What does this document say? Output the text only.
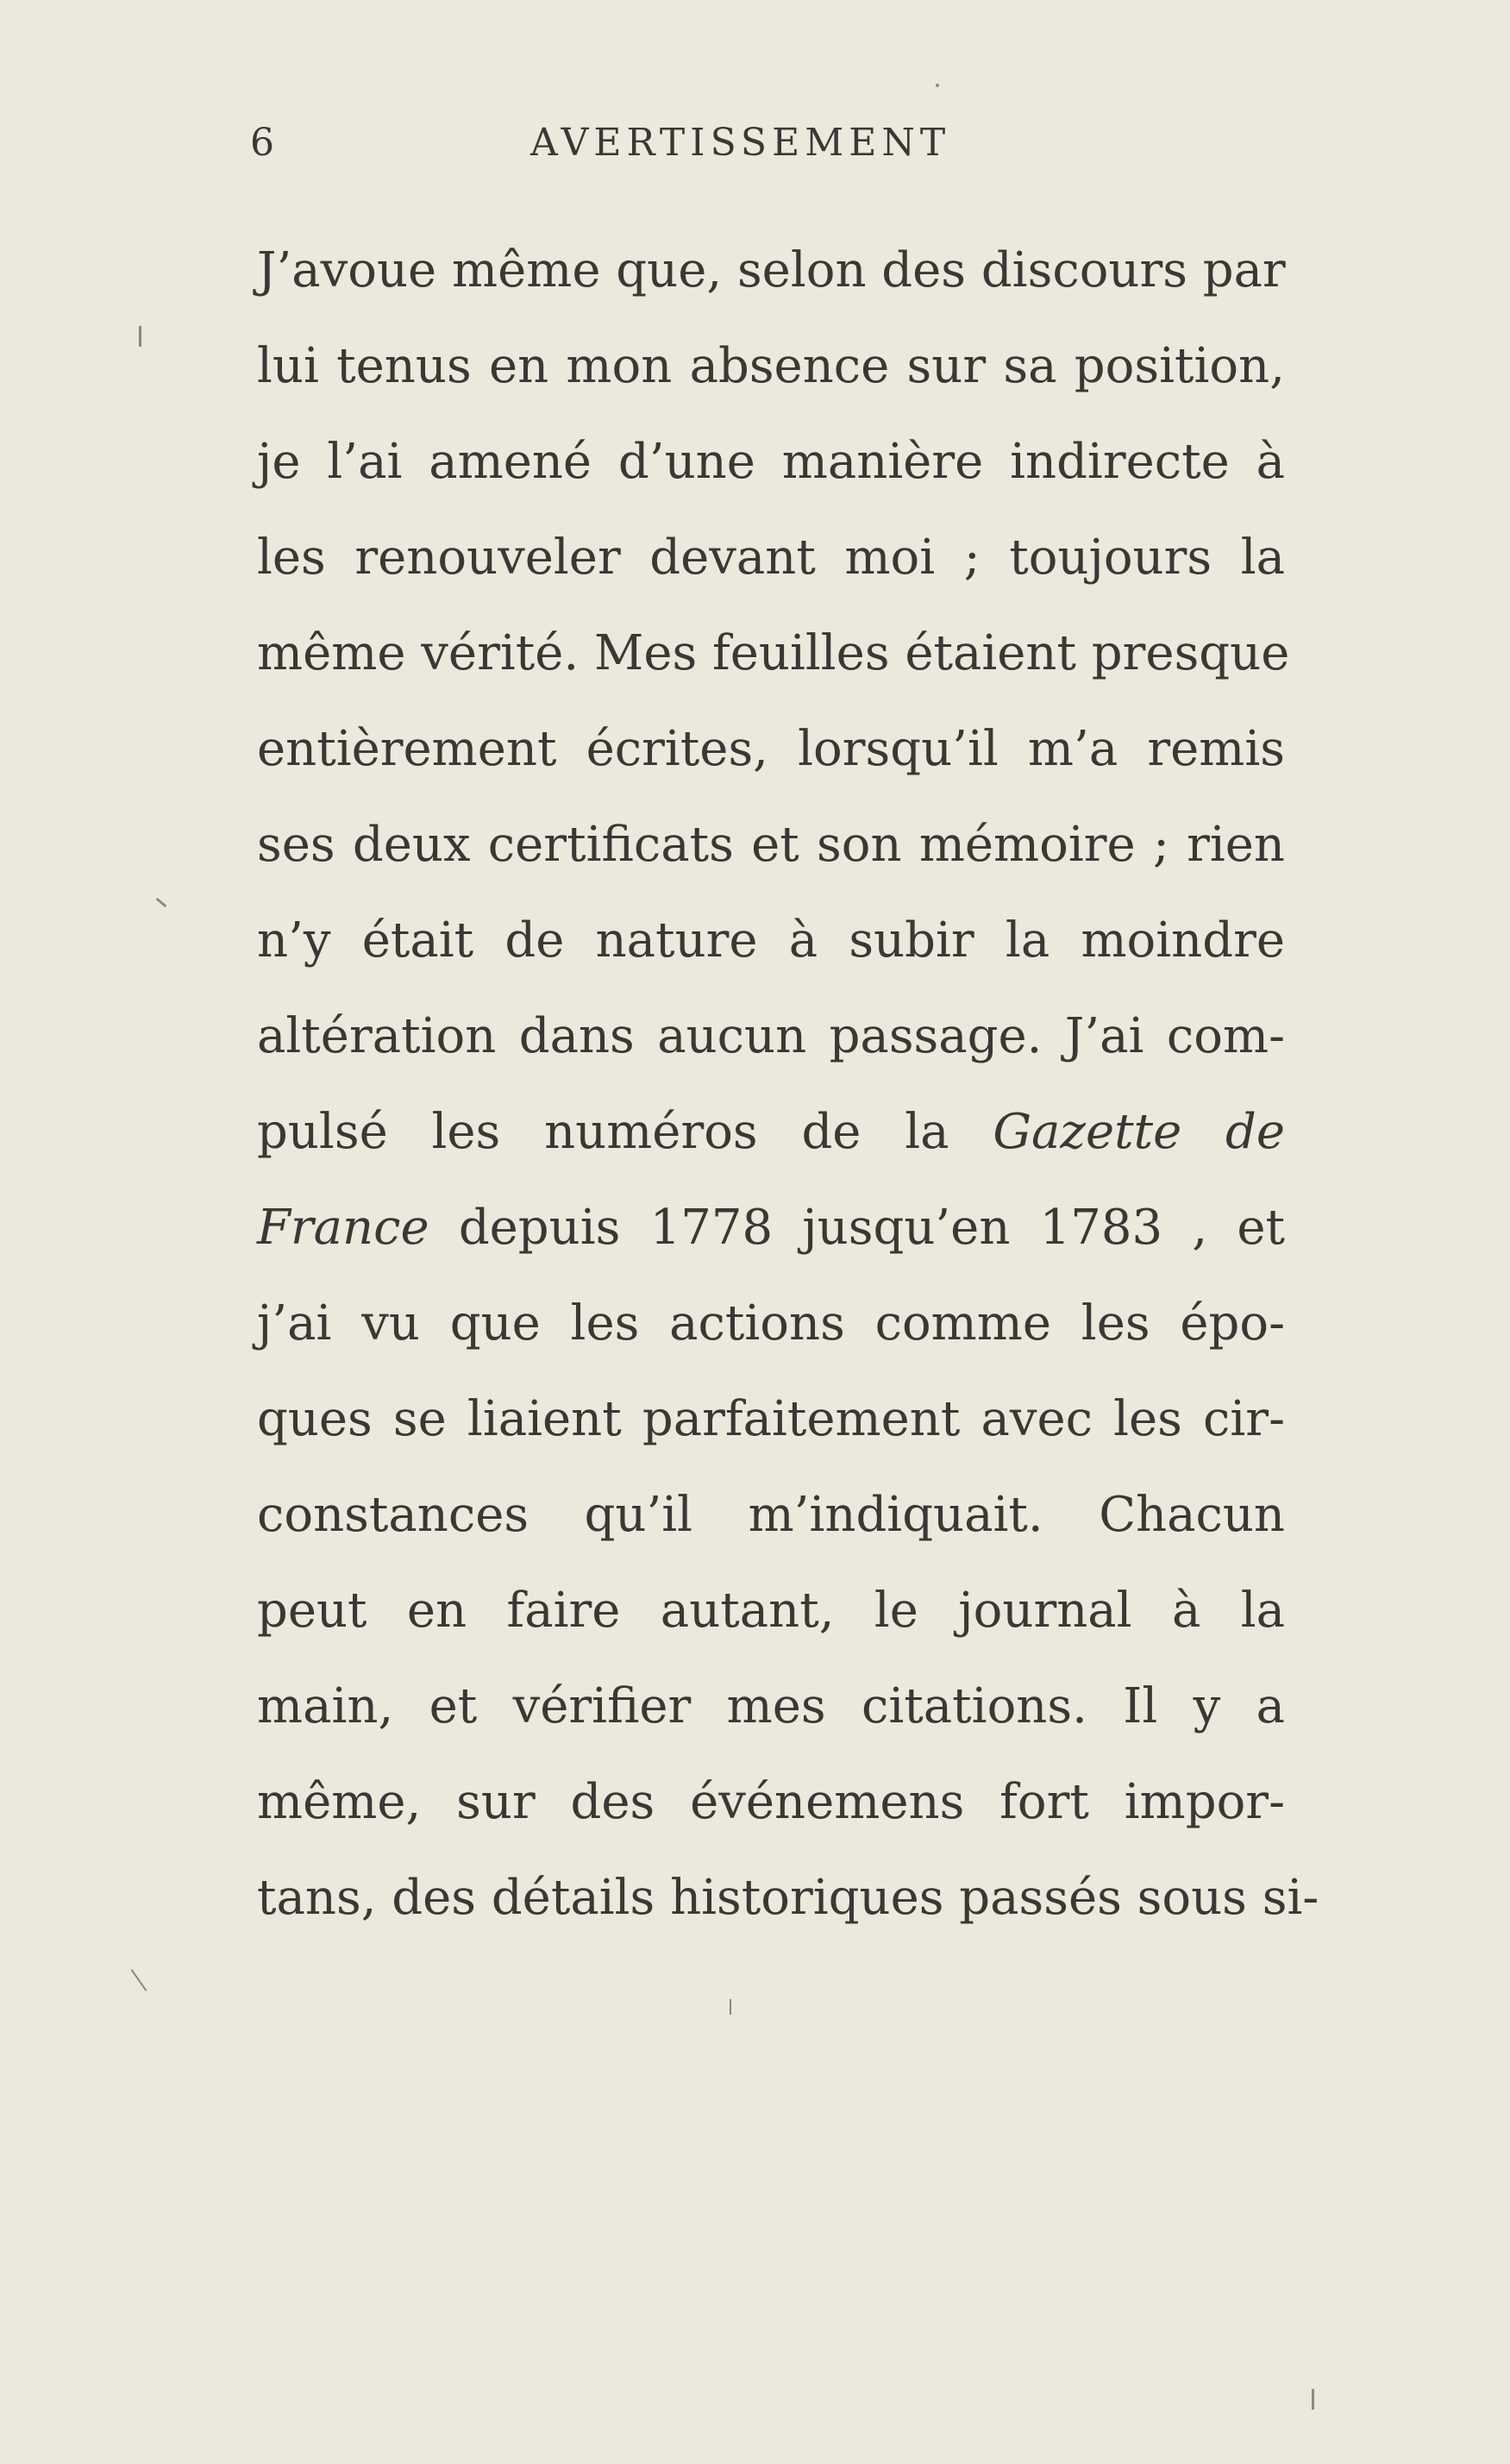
6	AVERTISSEMENT
J’avoue même que, selon des discours par
lui tenus en mon absence sur sa position,
je l’ai amené d’une manière indirecte à
les renouveler devant moi ; toujours la
même vérité. Mes feuilles étaient presque
entièrement écrites, lorsqu’il m’a remis
ses deux certificats et son mémoire ; rien
n’y était de nature à subir la moindre
altération dans aucun passage. J’ai com-
pulsé les numéros de la Gazette de
France depuis 1778 jusqu’en 1783 , et
j’ai vu que les actions comme les épo-
ques se liaient parfaitement avec les cir-
constances qu’il m’indiquait. Chacun
peut en faire autant, le journal à la
main, et vérifier mes citations. Il y a
même, sur des événemens fort impor-
tans, des détails historiques passés sous si-
